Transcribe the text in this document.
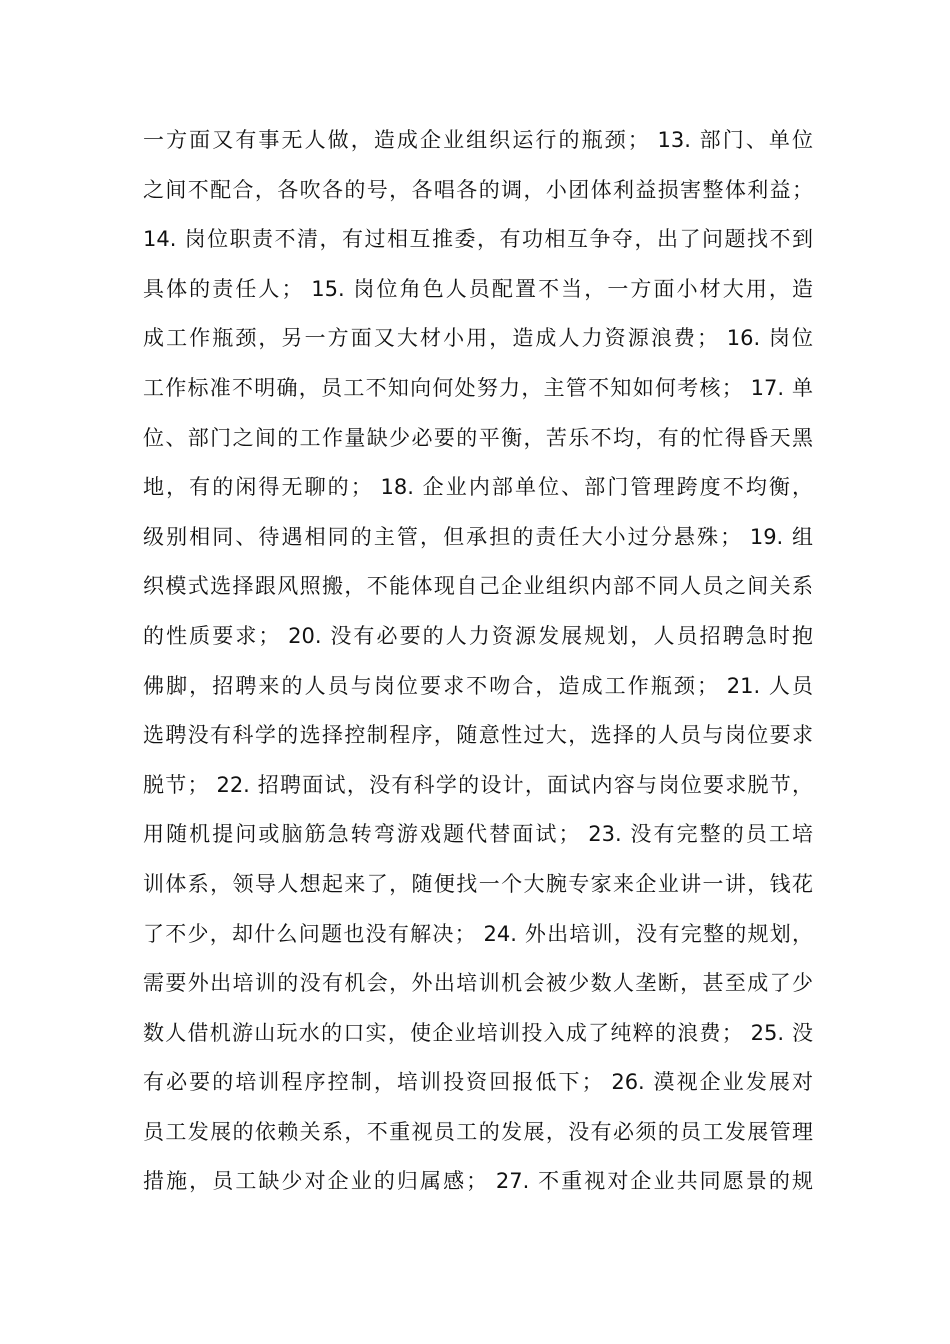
一方面又有事无人做，造成企业组织运行的瓶颈； 13. 部门、单位
之间不配合，各吹各的号，各唱各的调，小团体利益损害整体利益；
14. 岗位职责不清，有过相互推委，有功相互争夺，出了问题找不到
具体的责任人； 15. 岗位角色人员配置不当，一方面小材大用，造
成工作瓶颈，另一方面又大材小用，造成人力资源浪费； 16. 岗位
工作标准不明确，员工不知向何处努力，主管不知如何考核； 17. 单
位、部门之间的工作量缺少必要的平衡，苦乐不均，有的忙得昏天黑
地，有的闲得无聊的； 18. 企业内部单位、部门管理跨度不均衡，
级别相同、待遇相同的主管，但承担的责任大小过分悬殊； 19. 组
织模式选择跟风照搬，不能体现自己企业组织内部不同人员之间关系
的性质要求； 20. 没有必要的人力资源发展规划，人员招聘急时抱
佛脚，招聘来的人员与岗位要求不吻合，造成工作瓶颈； 21. 人员
选聘没有科学的选择控制程序，随意性过大，选择的人员与岗位要求
脱节； 22. 招聘面试，没有科学的设计，面试内容与岗位要求脱节，
用随机提问或脑筋急转弯游戏题代替面试； 23. 没有完整的员工培
训体系，领导人想起来了，随便找一个大腕专家来企业讲一讲，钱花
了不少，却什么问题也没有解决； 24. 外出培训，没有完整的规划，
需要外出培训的没有机会，外出培训机会被少数人垄断，甚至成了少
数人借机游山玩水的口实，使企业培训投入成了纯粹的浪费； 25. 没
有必要的培训程序控制，培训投资回报低下； 26. 漠视企业发展对
员工发展的依赖关系，不重视员工的发展，没有必须的员工发展管理
措施，员工缺少对企业的归属感； 27. 不重视对企业共同愿景的规
